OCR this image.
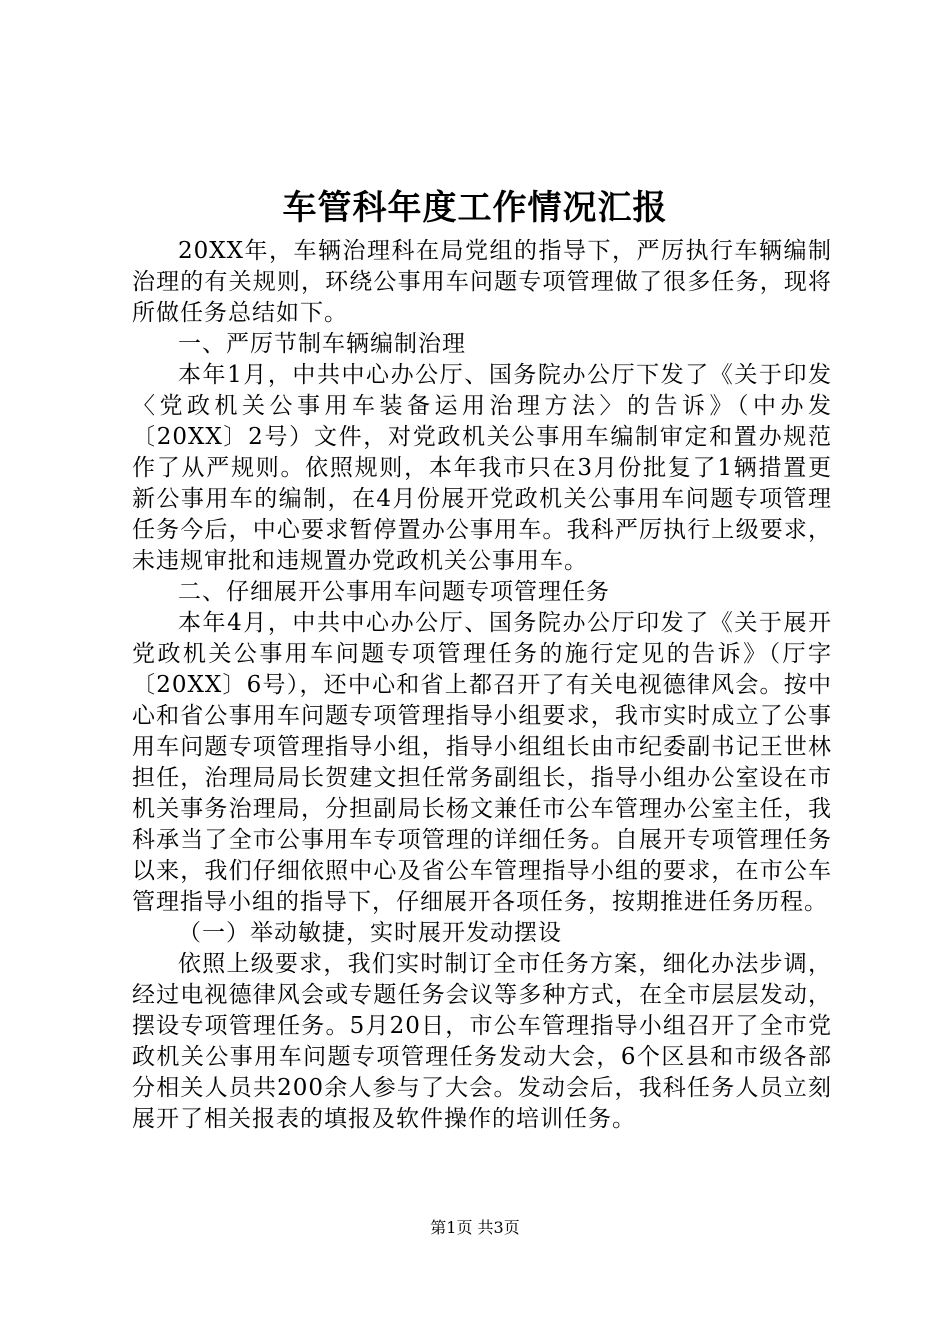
车管科年度工作情况汇报

20XX年，车辆治理科在局党组的指导下，严厉执行车辆编制治理的有关规则，环绕公事用车问题专项管理做了很多任务，现将所做任务总结如下。

一、严厉节制车辆编制治理

本年1月，中共中心办公厅、国务院办公厅下发了《关于印发〈党政机关公事用车装备运用治理方法〉的告诉》（中办发〔20XX〕2号）文件，对党政机关公事用车编制审定和置办规范作了从严规则。依照规则，本年我市只在3月份批复了1辆措置更新公事用车的编制，在4月份展开党政机关公事用车问题专项管理任务今后，中心要求暂停置办公事用车。我科严厉执行上级要求，未违规审批和违规置办党政机关公事用车。

二、仔细展开公事用车问题专项管理任务

本年4月，中共中心办公厅、国务院办公厅印发了《关于展开党政机关公事用车问题专项管理任务的施行定见的告诉》（厅字〔20XX〕6号），还中心和省上都召开了有关电视德律风会。按中心和省公事用车问题专项管理指导小组要求，我市实时成立了公事用车问题专项管理指导小组，指导小组组长由市纪委副书记王世林担任，治理局局长贺建文担任常务副组长，指导小组办公室设在市机关事务治理局，分担副局长杨文兼任市公车管理办公室主任，我科承当了全市公事用车专项管理的详细任务。自展开专项管理任务以来，我们仔细依照中心及省公车管理指导小组的要求，在市公车管理指导小组的指导下，仔细展开各项任务，按期推进任务历程。

（一）举动敏捷，实时展开发动摆设

依照上级要求，我们实时制订全市任务方案，细化办法步调，经过电视德律风会或专题任务会议等多种方式，在全市层层发动，摆设专项管理任务。5月20日，市公车管理指导小组召开了全市党政机关公事用车问题专项管理任务发动大会，6个区县和市级各部分相关人员共200余人参与了大会。发动会后，我科任务人员立刻展开了相关报表的填报及软件操作的培训任务。

第1页 共3页
